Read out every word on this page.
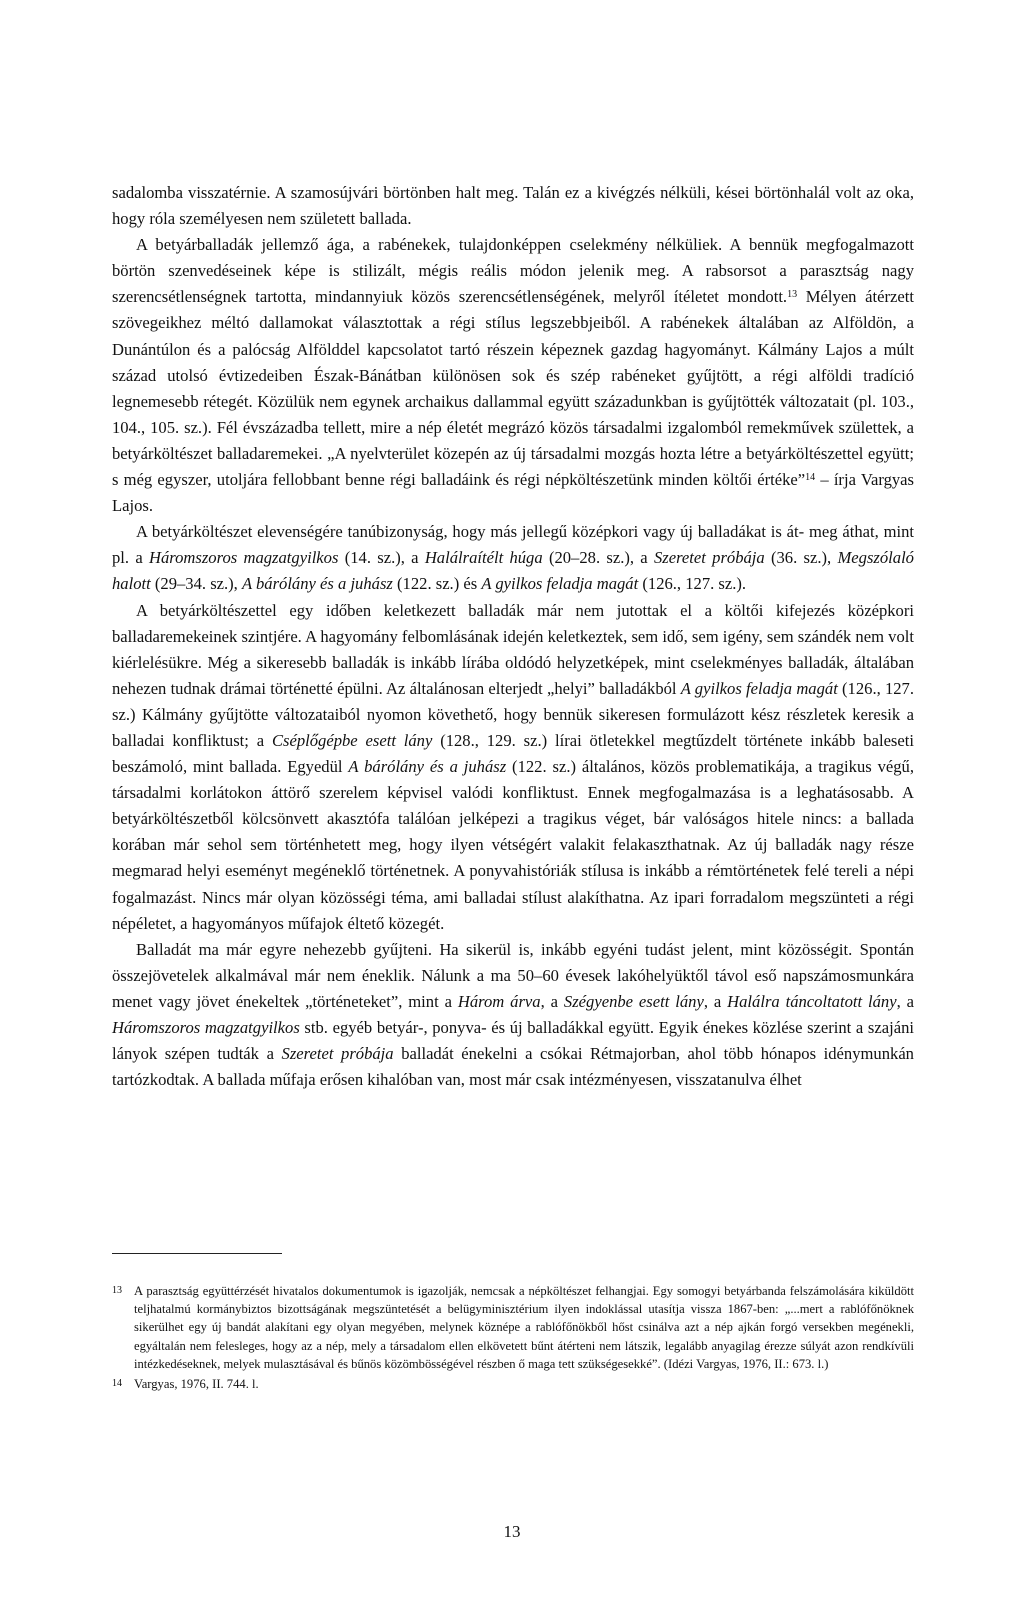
sadalomba visszatérnie. A szamosújvári börtönben halt meg. Talán ez a kivégzés nélküli, kései börtönhalál volt az oka, hogy róla személyesen nem született ballada.

A betyárballadák jellemző ága, a rabénekek, tulajdonképpen cselekmény nélküliek. A bennük megfogalmazott börtön szenvedéseinek képe is stilizált, mégis reális módon jelenik meg. A rabsorsot a parasztság nagy szerencsétlenségnek tartotta, mindannyiuk közös szerencsétlenségének, melyről ítéletet mondott.$^{13}$ Mélyen átérzett szövegeikhez méltó dallamokat választottak a régi stílus legszebbjeiből. A rabénekek általában az Alföldön, a Dunántúlon és a palócság Alfölddel kapcsolatot tartó részein képeznek gazdag hagyományt. Kálmány Lajos a múlt század utolsó évtizedeiben Észak-Bánátban különösen sok és szép rabéneket gyűjtött, a régi alföldi tradíció legnemesebb rétegét. Közülük nem egynek archaikus dallammal együtt századunkban is gyűjtötték változatait (pl. 103., 104., 105. sz.). Fél évszázadba tellett, mire a nép életét megrázó közös társadalmi izgalomból remekművek születtek, a betyárköltészet balladaremekei. „A nyelvterület közepén az új társadalmi mozgás hozta létre a betyárköltészettel együtt; s még egyszer, utoljára fellobbant benne régi balladáink és régi népköltészetünk minden költői értéke”$^{14}$ – írja Vargyas Lajos.

A betyárköltészet elevenségére tanúbizonyság, hogy más jellegű középkori vagy új balladákat is át- meg áthat, mint pl. a Háromszoros magzatgyilkos (14. sz.), a Halálraítélt húga (20–28. sz.), a Szeretet próbája (36. sz.), Megszólaló halott (29–34. sz.), A bárólány és a juhász (122. sz.) és A gyilkos feladja magát (126., 127. sz.).

A betyárköltészettel egy időben keletkezett balladák már nem jutottak el a költői kifejezés középkori balladaremekeinek szintjére. A hagyomány felbomlásának idején keletkeztek, sem idő, sem igény, sem szándék nem volt kiérlelésükre. Még a sikeresebb balladák is inkább lírába oldódó helyzetképek, mint cselekményes balladák, általában nehezen tudnak drámai történetté épülni. Az általánosan elterjedt „helyi” balladákból A gyilkos feladja magát (126., 127. sz.) Kálmány gyűjtötte változataiból nyomon követhető, hogy bennük sikeresen formulázott kész részletek keresik a balladai konfliktust; a Cséplőgépbe esett lány (128., 129. sz.) lírai ötletekkel megtűzdelt története inkább baleseti beszámoló, mint ballada. Egyedül A bárólány és a juhász (122. sz.) általános, közös problematikája, a tragikus végű, társadalmi korlátokon áttörő szerelem képvisel valódi konfliktust. Ennek megfogalmazása is a leghatásosabb. A betyárköltészetből kölcsönvett akasztófa találóan jelképezi a tragikus véget, bár valóságos hitele nincs: a ballada korában már sehol sem történhetett meg, hogy ilyen vétségért valakit felakaszthatnak. Az új balladák nagy része megmarad helyi eseményt megéneklő történetnek. A ponyvahistóriák stílusa is inkább a rémtörténetek felé tereli a népi fogalmazást. Nincs már olyan közösségi téma, ami balladai stílust alakíthatna. Az ipari forradalom megszünteti a régi népéletet, a hagyományos műfajok éltető közegét.

Balladát ma már egyre nehezebb gyűjteni. Ha sikerül is, inkább egyéni tudást jelent, mint közösségit. Spontán összejövetelek alkalmával már nem éneklik. Nálunk a ma 50–60 évesek lakóhelyüktől távol eső napszámosmunkára menet vagy jövet énekeltek „történeteket”, mint a Három árva, a Szégyenbe esett lány, a Halálra táncoltatott lány, a Háromszoros magzatgyilkos stb. egyéb betyár-, ponyva- és új balladákkal együtt. Egyik énekes közlése szerint a szajáni lányok szépen tudták a Szeretet próbája balladát énekelni a csókai Rétmajorban, ahol több hónapos idénymunkán tartózkodtak. A ballada műfaja erősen kihalóban van, most már csak intézményesen, visszatanulva élhet

13 A parasztság együttérzését hivatalos dokumentumok is igazolják, nemcsak a népköltészet felhangjai. Egy somogyi betyárbanda felszámolására kiküldött teljhatalmú kormánybiztos bizottságának megszüntetését a belügyminisztérium ilyen indoklással utasítja vissza 1867-ben: „...mert a rablófőnöknek sikerülhet egy új bandát alakítani egy olyan megyében, melynek köznépe a rablófőnökből hőst csinálva azt a nép ajkán forgó versekben megénekli, egyáltalán nem felesleges, hogy az a nép, mely a társadalom ellen elkövetett bűnt átérteni nem látszik, legalább anyagilag érezze súlyát azon rendkívüli intézkedéseknek, melyek mulasztásával és bűnös közömbösségével részben ő maga tett szükségesekké”. (Idézi Vargyas, 1976, II.: 673. l.)
14 Vargyas, 1976, II. 744. l.
13
